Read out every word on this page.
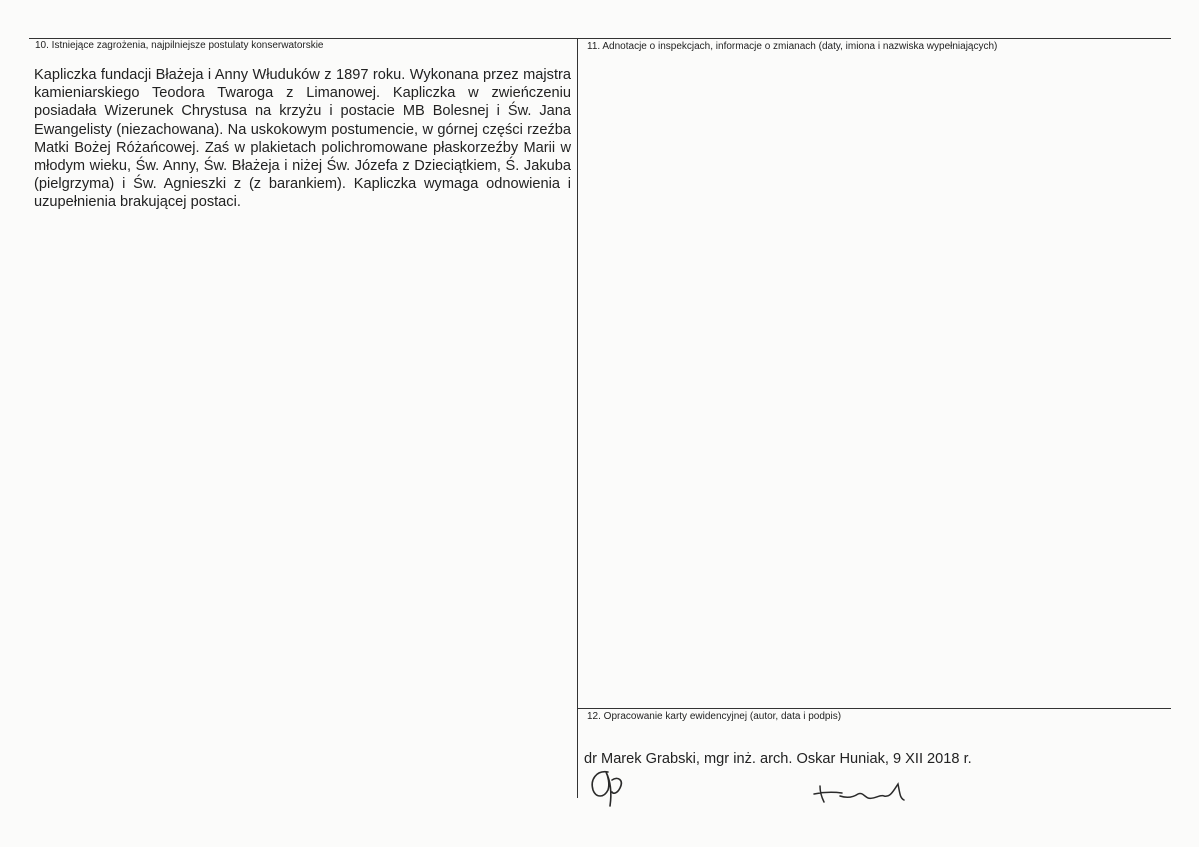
10. Istniejące zagrożenia, najpilniejsze postulaty konserwatorskie	11. Adnotacje o inspekcjach, informacje o zmianach (daty, imiona i nazwiska wypełniających)
12. Opracowanie karty ewidencyjnej (autor, data i podpis)
Kapliczka fundacji Błażeja i Anny Włuduków z 1897 roku. Wykonana przez majstra kamieniarskiego Teodora Twaroga z Limanowej. Kapliczka w zwieńczeniu posiadała Wizerunek Chrystusa na krzyżu i postacie MB Bolesnej i Św. Jana Ewangelisty (niezachowana). Na uskokowym postumencie, w górnej części rzeźba Matki Bożej Różańcowej. Zaś w plakietach polichromowane płaskorzeźby Marii w młodym wieku, Św. Anny, Św. Błażeja i niżej Św. Józefa z Dzieciątkiem, Ś. Jakuba (pielgrzyma) i Św. Agnieszki z (z barankiem). Kapliczka wymaga odnowienia i uzupełnienia brakującej postaci.
dr Marek Grabski, mgr inż. arch. Oskar Huniak, 9 XII 2018 r.
